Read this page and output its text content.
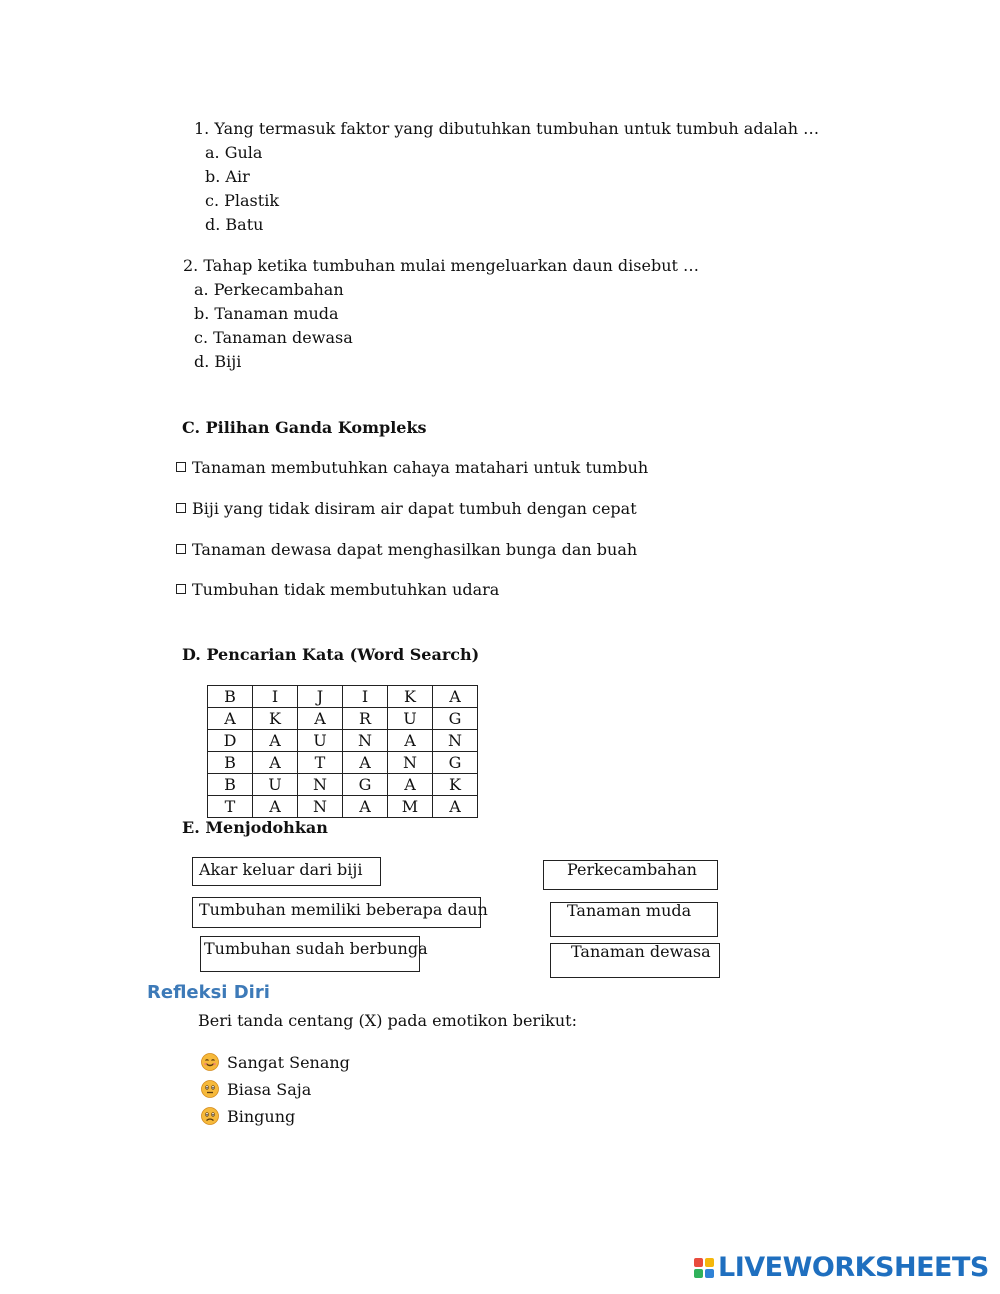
1. Yang termasuk faktor yang dibutuhkan tumbuhan untuk tumbuh adalah …
a. Gula
b. Air
c. Plastik
d. Batu
2. Tahap ketika tumbuhan mulai mengeluarkan daun disebut …
a. Perkecambahan
b. Tanaman muda
c. Tanaman dewasa
d. Biji
C. Pilihan Ganda Kompleks
Tanaman membutuhkan cahaya matahari untuk tumbuh
Biji yang tidak disiram air dapat tumbuh dengan cepat
Tanaman dewasa dapat menghasilkan bunga dan buah
Tumbuhan tidak membutuhkan udara
D. Pencarian Kata (Word Search)
B	I	J	I	K	A
A	K	A	R	U	G
D	A	U	N	A	N
B	A	T	A	N	G
B	U	N	G	A	K
T	A	N	A	M	A
E. Menjodohkan
Akar keluar dari biji
Tumbuhan memiliki beberapa daun
Tumbuhan sudah berbunga
Perkecambahan
Tanaman muda
Tanaman dewasa
Refleksi Diri
Beri tanda centang (X) pada emotikon berikut:
Sangat Senang
Biasa Saja
Bingung
LIVEWORKSHEETS
